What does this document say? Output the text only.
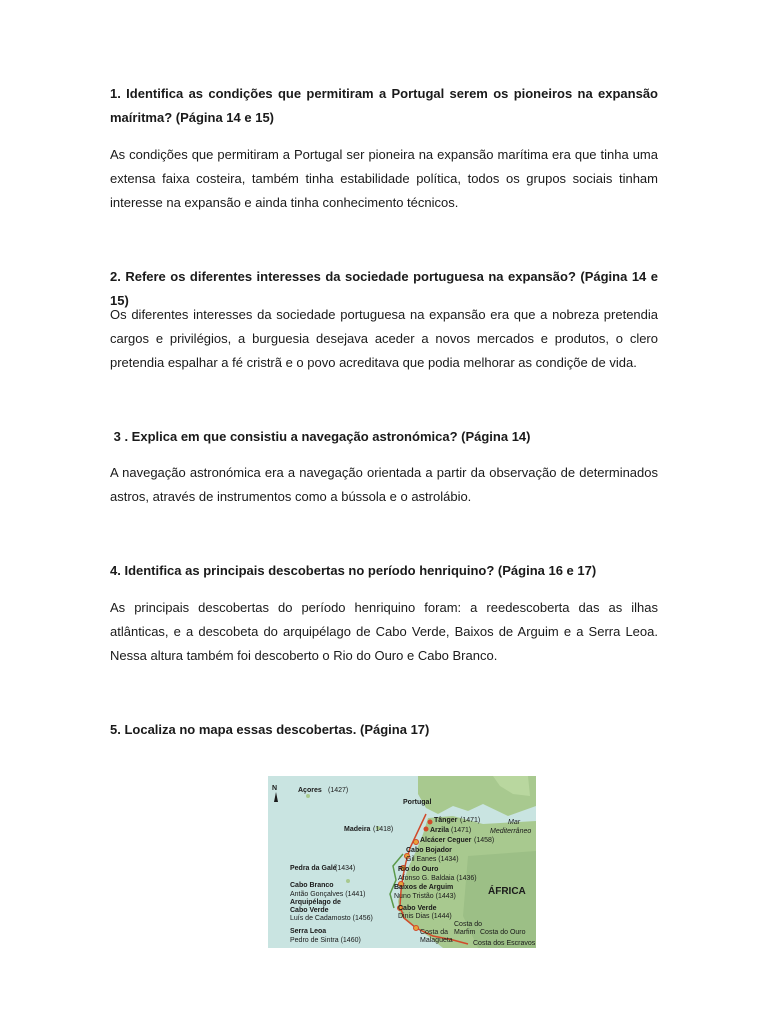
1. Identifica as condições que permitiram a Portugal serem os pioneiros na expansão maíritma? (Página 14 e 15)
As condições que permitiram a Portugal ser pioneira na expansão marítima era que tinha uma extensa faixa costeira, também tinha estabilidade política, todos os grupos sociais tinham interesse na expansão e ainda tinha conhecimento técnicos.
2. Refere os diferentes interesses da sociedade portuguesa na expansão? (Página 14 e 15)
Os diferentes interesses da sociedade portuguesa na expansão era que a nobreza pretendia cargos e privilégios, a burguesia desejava aceder a novos mercados e produtos, o clero pretendia espalhar a fé cristrã e o povo acreditava que podia melhorar as condiçõe de vida.
3 . Explica em que consistiu a navegação astronómica? (Página 14)
A navegação astronómica era a navegação orientada a partir da observação de determinados astros, através de instrumentos como a bússola e o astrolábio.
4. Identifica as principais descobertas no período henriquino? (Página 16 e 17)
As principais descobertas do período henriquino foram: a reedescoberta das as ilhas atlânticas, e a descobeta do arquipélago de Cabo Verde, Baixos de Arguim e a Serra Leoa. Nessa altura também foi descoberto o Rio do Ouro e Cabo Branco.
5. Localiza no mapa essas descobertas. (Página 17)
N	Açores (1427)
Portugal
Madeira (1418)
Tânger (1471)
Arzila (1471)
Alcácer Ceguer (1458)
Mar
Mediterrâneo
Cabo Bojador
Gil Eanes (1434)
Pedra da Galé
(1434)	Rio do Ouro
Afonso G. Baldaia (1436)
Cabo Branco
Antão Gonçalves (1441)
Baixos de Arguim
Nuno Tristão (1443)
Arquipélago de
Cabo Verde
Luís de Cadamosto (1456)
Cabo Verde
Dinis Dias (1444)
Serra Leoa
Pedro de Sintra (1460)
ÁFRICA
Costa da
Malagueta
Costa do
Marfim Costa do Ouro
Costa dos Escravos
